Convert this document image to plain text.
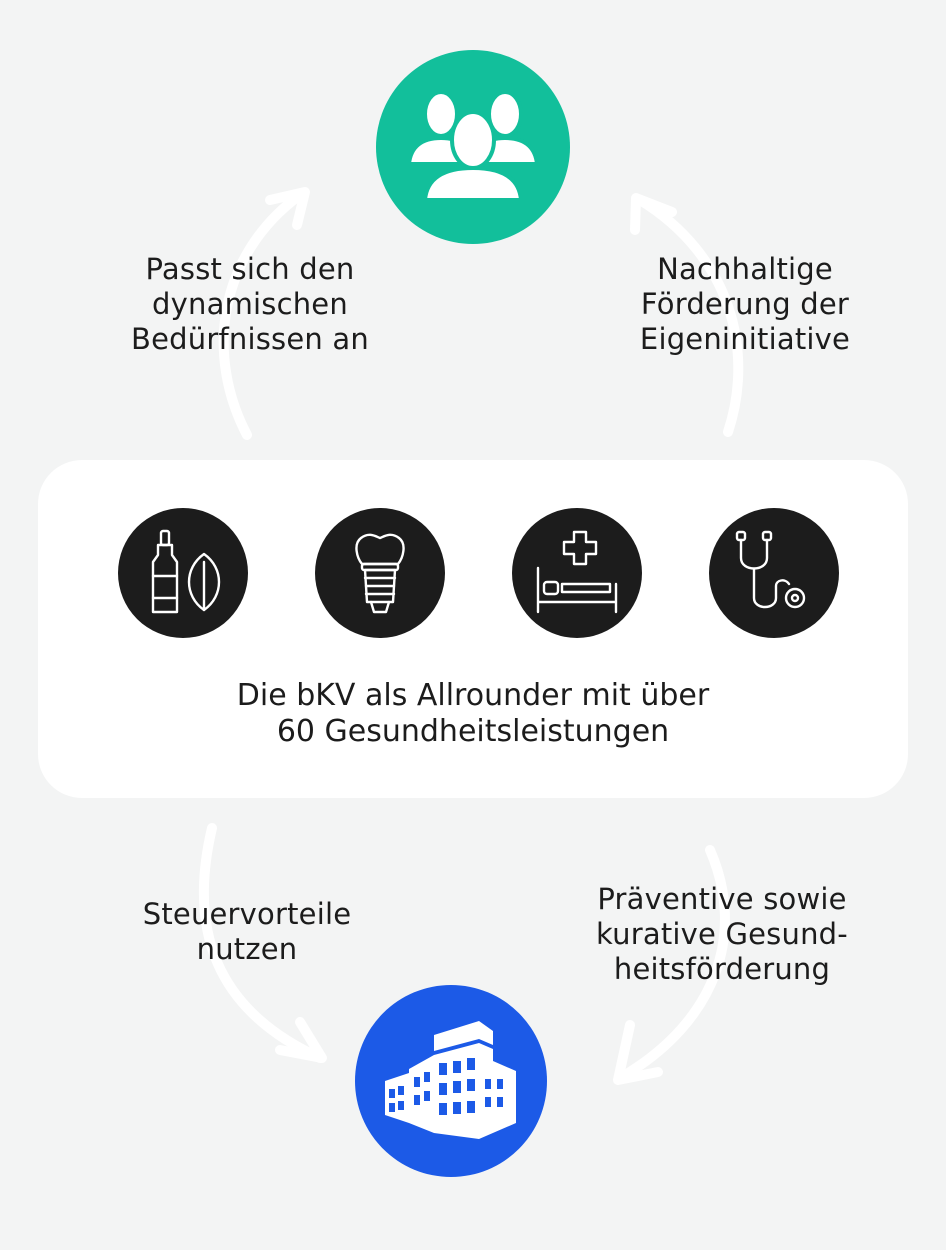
Passt sich den
dynamischen
Bedürfnissen an
Nachhaltige
Förderung der
Eigeninitiative
Die bKV als Allrounder mit über
60 Gesundheitsleistungen
Steuervorteile
nutzen
Präventive sowie
kurative Gesund-
heitsförderung
